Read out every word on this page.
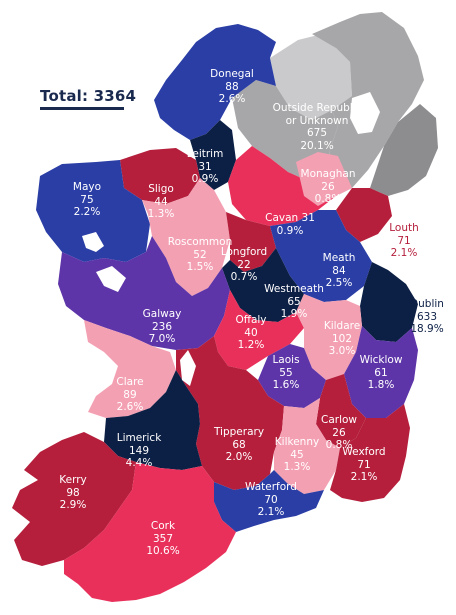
Total: 3364
Donegal
88
2.6%
Outside Republic
or Unknown
675
20.1%
Leitrim
31
0.9%
Mayo
75
2.2%
Sligo
44
1.3%
Monaghan
26
0.8%
Cavan 31
0.9%	Louth
71
2.1%
Roscommon
52
1.5%
Longford
22
0.7%
Meath
84
2.5%
Westmeath
65
1.9%
Dublin
633
18.9%
Galway
236
7.0%
Offaly
40
1.2%
Kildare
102
3.0%
Laois
55
1.6%
Wicklow
61
1.8%
Clare
89
2.6%
Carlow
26
0.8%
Limerick
149
4.4%
Tipperary
68
2.0%
Kilkenny
45
1.3%
Wexford
71
2.1%
Kerry
98
2.9%
Waterford
70
2.1%
Cork
357
10.6%
